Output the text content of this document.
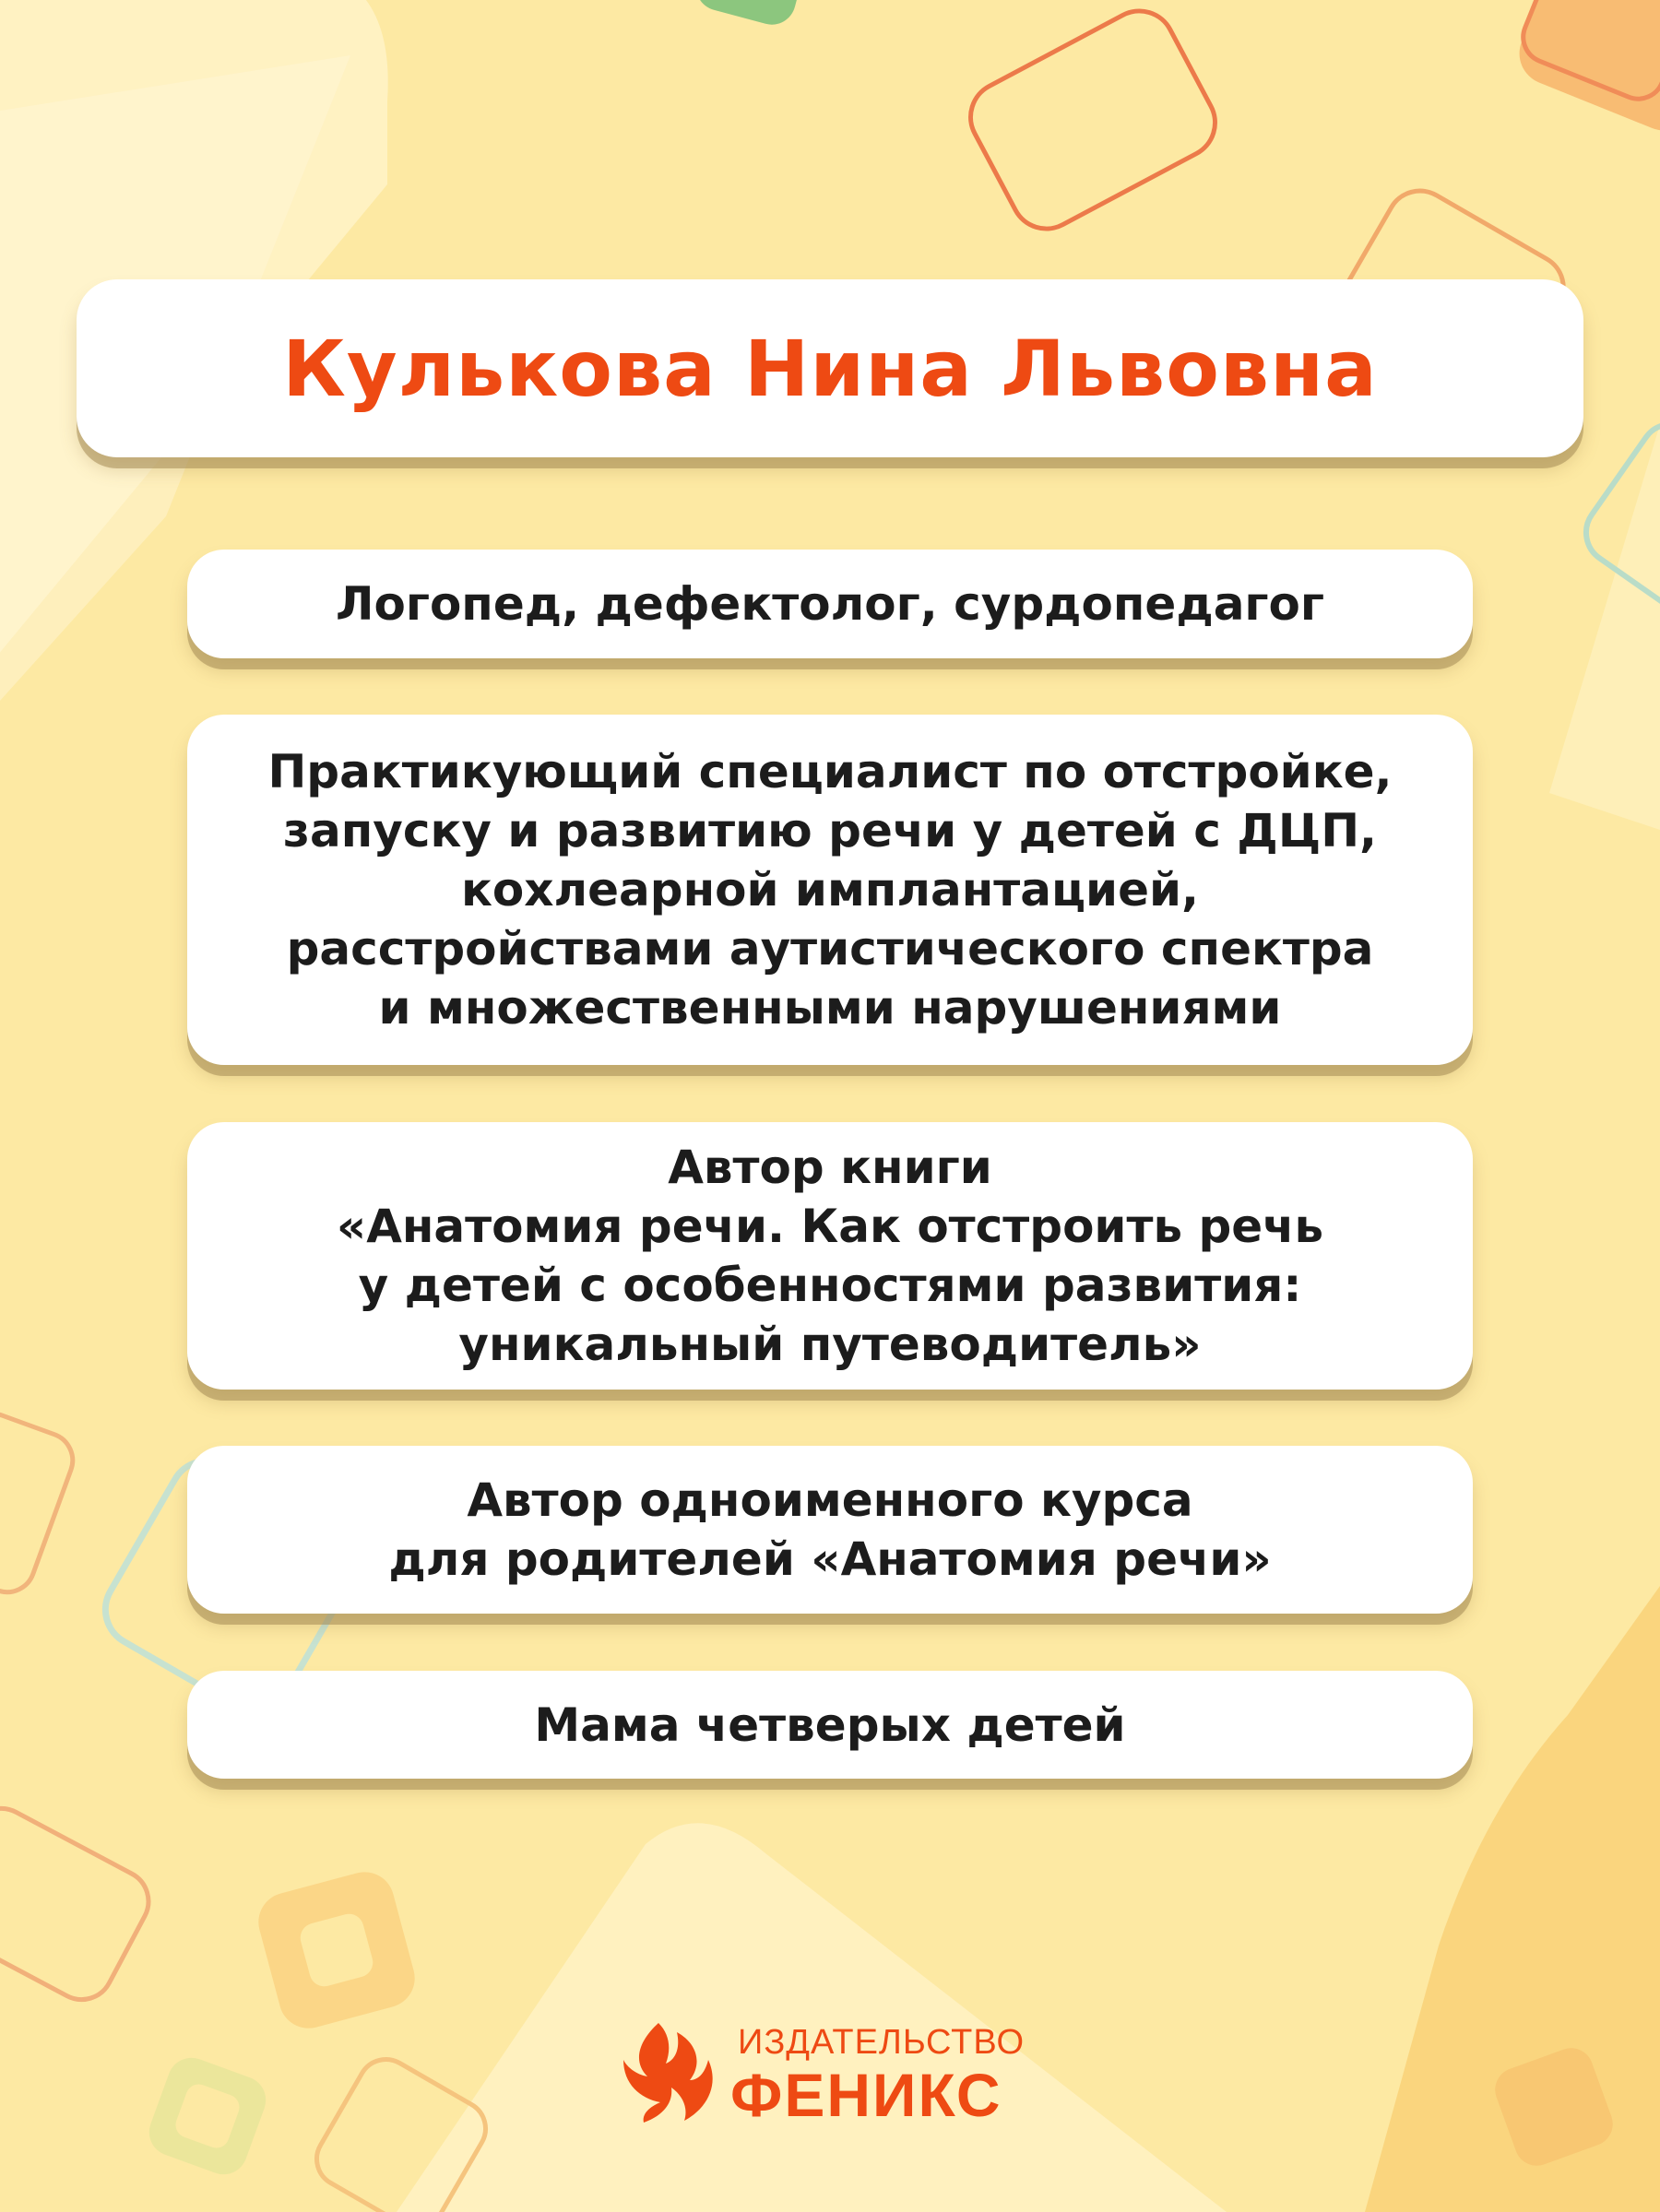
Кулькова Нина Львовна

Логопед, дефектолог, сурдопедагог

Практикующий специалист по отстройке,

запуску и развитию речи у детей с ДЦП,

кохлеарной имплантацией,

расстройствами аутистического спектра

и множественными нарушениями

Автор книги

«Анатомия речи. Как отстроить речь

у детей с особенностями развития:

уникальный путеводитель»

Автор одноименного курса

для родителей «Анатомия речи»

Мама четверых детей

ИЗДАТЕЛЬСТВО
ФЕНИКС
